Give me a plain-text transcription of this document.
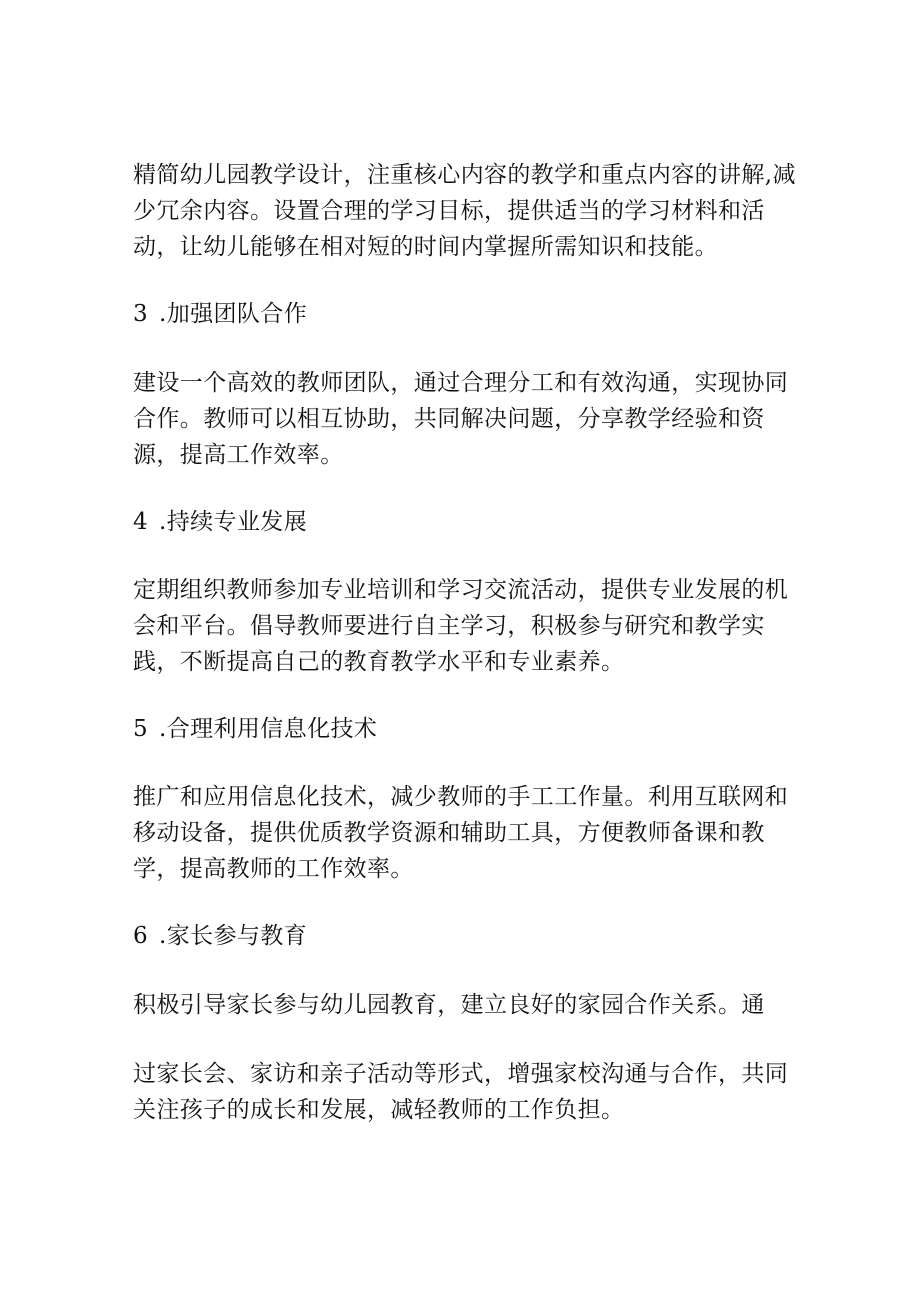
精简幼儿园教学设计，注重核心内容的教学和重点内容的讲解,减
少冗余内容。设置合理的学习目标，提供适当的学习材料和活
动，让幼儿能够在相对短的时间内掌握所需知识和技能。
3 .加强团队合作
建设一个高效的教师团队，通过合理分工和有效沟通，实现协同
合作。教师可以相互协助，共同解决问题，分享教学经验和资
源，提高工作效率。
4 .持续专业发展
定期组织教师参加专业培训和学习交流活动，提供专业发展的机
会和平台。倡导教师要进行自主学习，积极参与研究和教学实
践，不断提高自己的教育教学水平和专业素养。
5 .合理利用信息化技术
推广和应用信息化技术，减少教师的手工工作量。利用互联网和
移动设备，提供优质教学资源和辅助工具，方便教师备课和教
学，提高教师的工作效率。
6 .家长参与教育
积极引导家长参与幼儿园教育，建立良好的家园合作关系。通
过家长会、家访和亲子活动等形式，增强家校沟通与合作，共同
关注孩子的成长和发展，减轻教师的工作负担。
